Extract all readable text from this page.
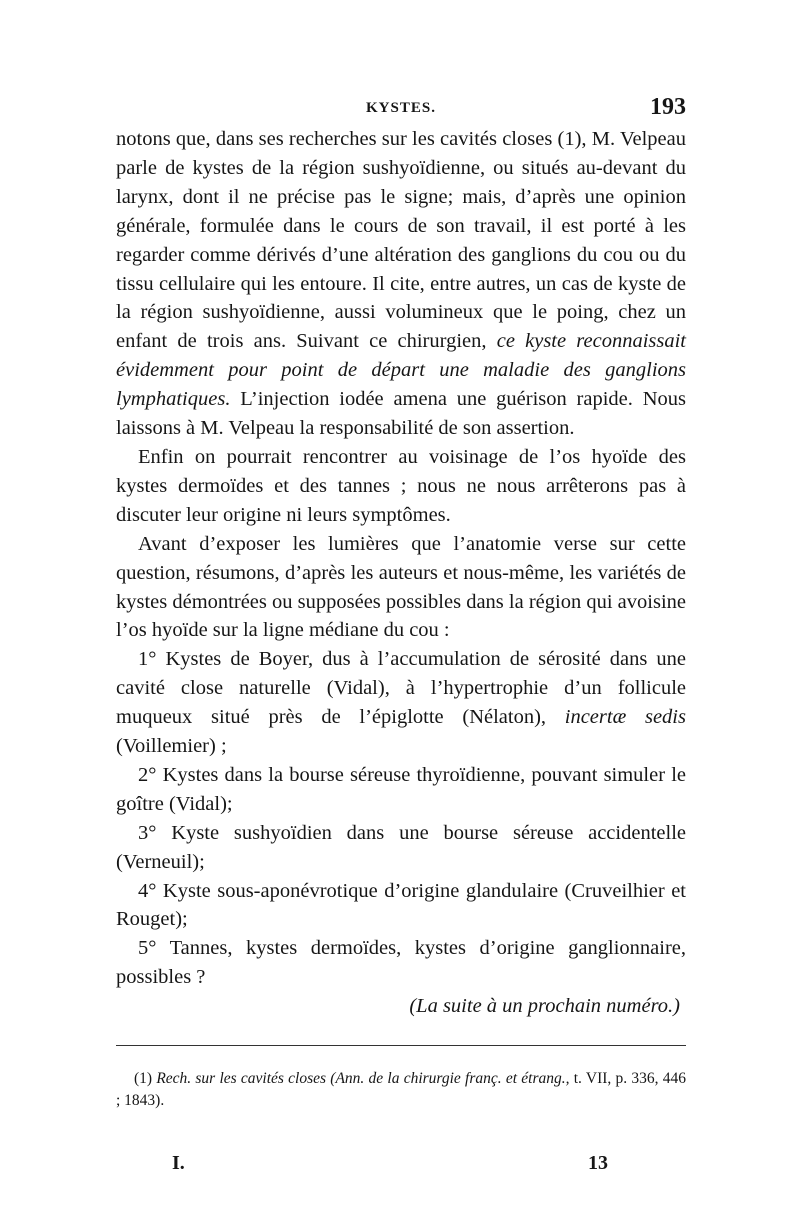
KYSTES.	193

notons que, dans ses recherches sur les cavités closes (1), M. Velpeau parle de kystes de la région sushyoïdienne, ou situés au-devant du larynx, dont il ne précise pas le signe; mais, d’après une opinion générale, formulée dans le cours de son travail, il est porté à les regarder comme dérivés d’une altération des ganglions du cou ou du tissu cellulaire qui les entoure. Il cite, entre autres, un cas de kyste de la région sushyoïdienne, aussi volumineux que le poing, chez un enfant de trois ans. Suivant ce chirurgien, ce kyste reconnaissait évidemment pour point de départ une maladie des ganglions lymphatiques. L’injection iodée amena une guérison rapide. Nous laissons à M. Velpeau la responsabilité de son assertion.

Enfin on pourrait rencontrer au voisinage de l’os hyoïde des kystes dermoïdes et des tannes ; nous ne nous arrêterons pas à discuter leur origine ni leurs symptômes.

Avant d’exposer les lumières que l’anatomie verse sur cette question, résumons, d’après les auteurs et nous-même, les variétés de kystes démontrées ou supposées possibles dans la région qui avoisine l’os hyoïde sur la ligne médiane du cou :

1° Kystes de Boyer, dus à l’accumulation de sérosité dans une cavité close naturelle (Vidal), à l’hypertrophie d’un follicule muqueux situé près de l’épiglotte (Nélaton), incertæ sedis (Voillemier) ;

2° Kystes dans la bourse séreuse thyroïdienne, pouvant simuler le goître (Vidal);

3° Kyste sushyoïdien dans une bourse séreuse accidentelle (Verneuil);

4° Kyste sous-aponévrotique d’origine glandulaire (Cruveilhier et Rouget);

5° Tannes, kystes dermoïdes, kystes d’origine ganglionnaire, possibles ?

(La suite à un prochain numéro.)
(1) Rech. sur les cavités closes (Ann. de la chirurgie franç. et étrang., t. VII, p. 336, 446 ; 1843).
I.	13
